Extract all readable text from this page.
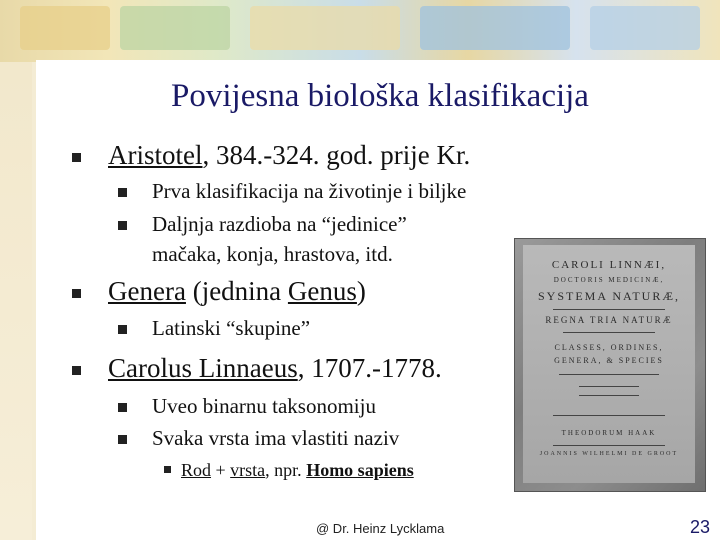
Povijesna biološka klasifikacija
Aristotel, 384.-324. god. prije Kr.
Prva klasifikacija na životinje i biljke
Daljnja razdioba na “jedinice”
mačaka, konja, hrastova, itd.
Genera (jednina Genus)
Latinski “skupine”
Carolus Linnaeus, 1707.-1778.
Uveo binarnu taksonomiju
Svaka vrsta ima vlastiti naziv
Rod + vrsta, npr. Homo sapiens
CAROLI LINNÆI,
DOCTORIS MEDICINÆ,
SYSTEMA NATURÆ,
REGNA TRIA NATURÆ
CLASSES, ORDINES,
GENERA, & SPECIES
THEODORUM HAAK
JOANNIS WILHELMI DE GROOT
@ Dr. Heinz Lycklama	23
